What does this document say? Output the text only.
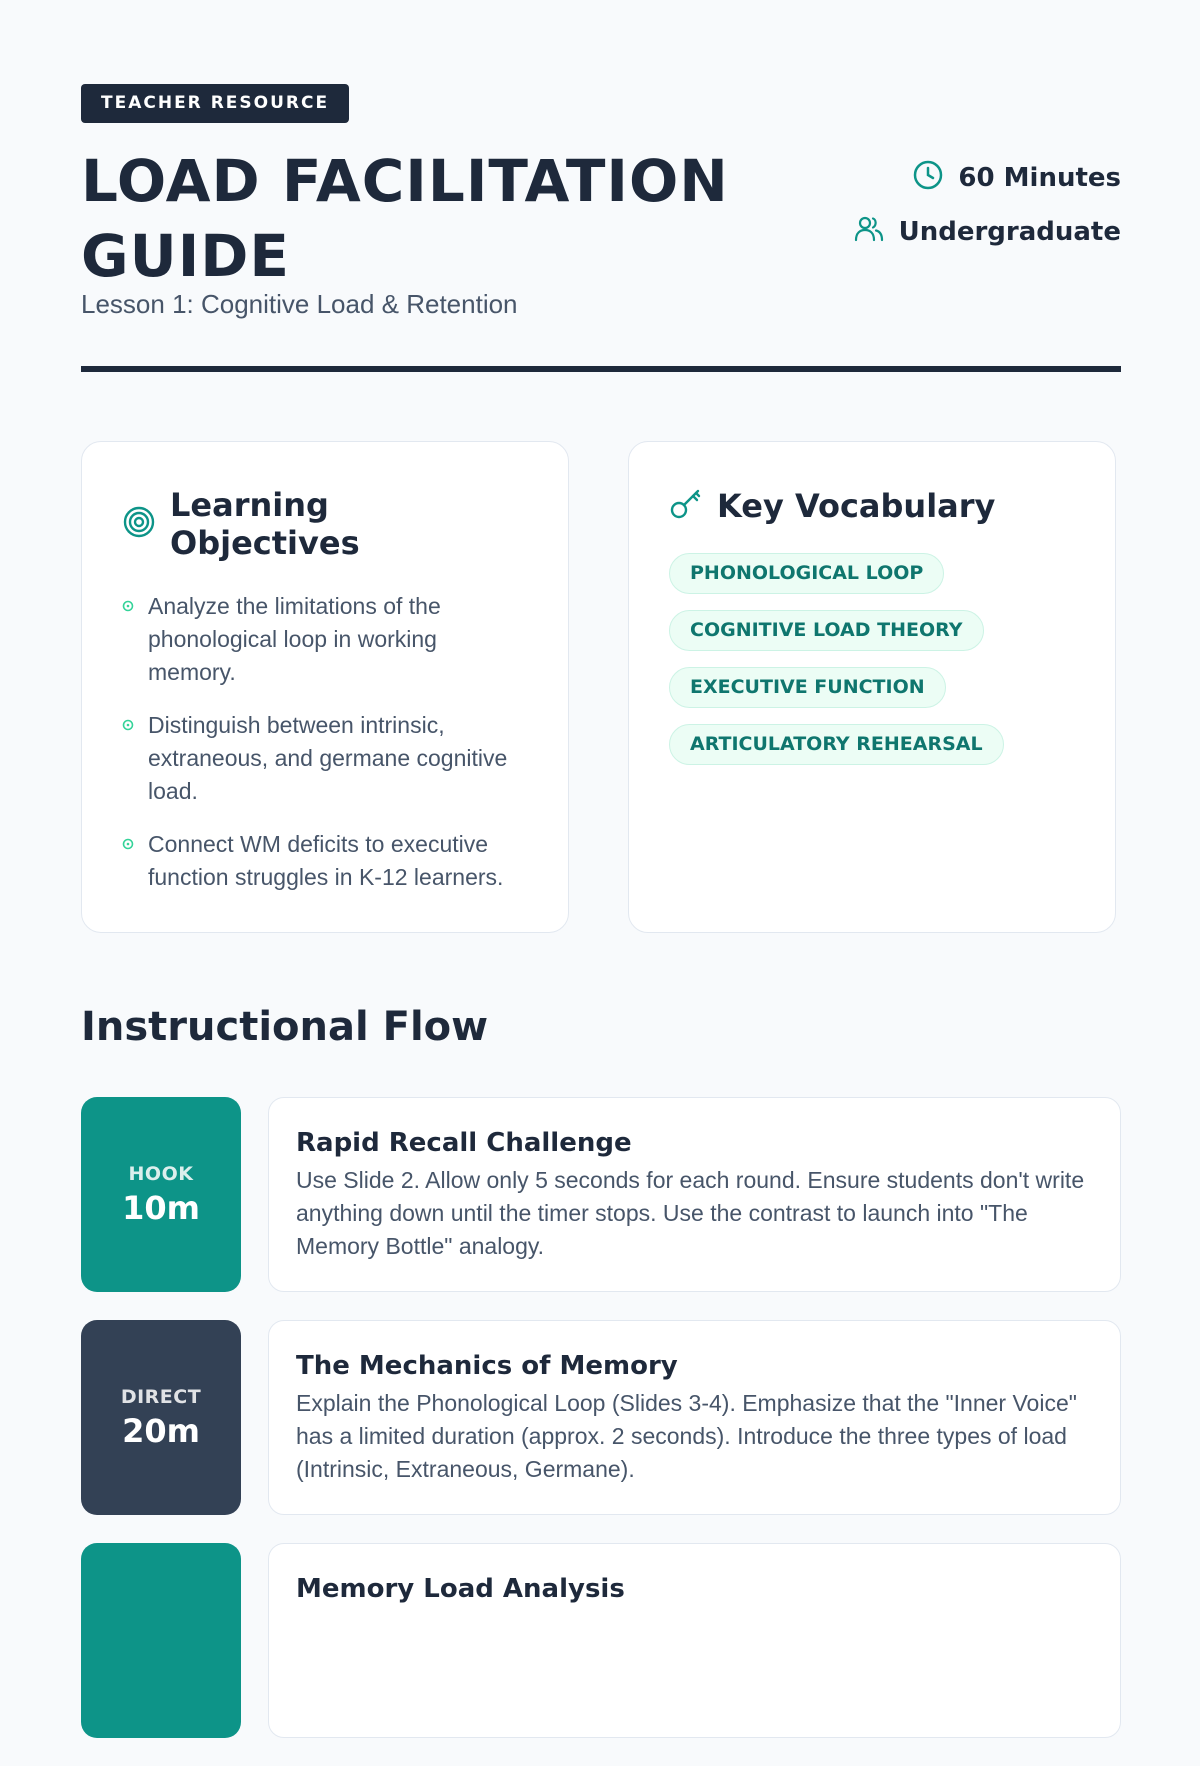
TEACHER RESOURCE
LOAD FACILITATION GUIDE
Lesson 1: Cognitive Load & Retention
60 Minutes
Undergraduate
Learning Objectives
Analyze the limitations of the phonological loop in working memory.
Distinguish between intrinsic, extraneous, and germane cognitive load.
Connect WM deficits to executive function struggles in K-12 learners.
Key Vocabulary
PHONOLOGICAL LOOP
COGNITIVE LOAD THEORY
EXECUTIVE FUNCTION
ARTICULATORY REHEARSAL
Instructional Flow
HOOK
10m
Rapid Recall Challenge
Use Slide 2. Allow only 5 seconds for each round. Ensure students don't write anything down until the timer stops. Use the contrast to launch into "The Memory Bottle" analogy.
DIRECT
20m
The Mechanics of Memory
Explain the Phonological Loop (Slides 3-4). Emphasize that the "Inner Voice" has a limited duration (approx. 2 seconds). Introduce the three types of load (Intrinsic, Extraneous, Germane).
Memory Load Analysis
